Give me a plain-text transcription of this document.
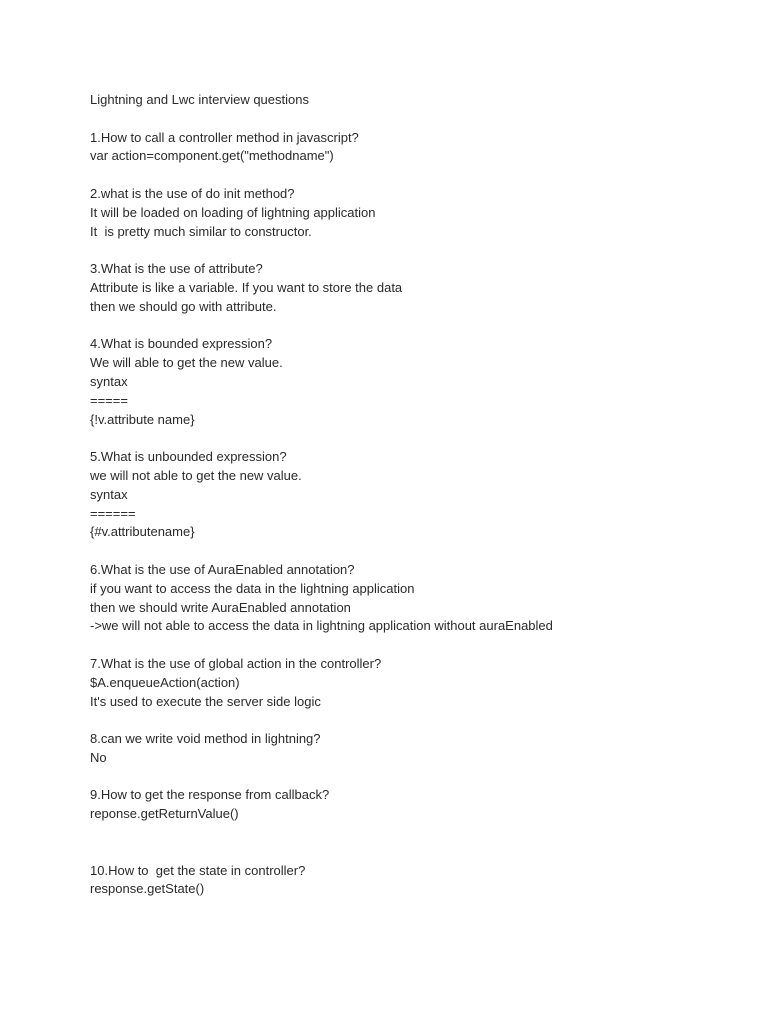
Lightning and Lwc interview questions
1.How to call a controller method in javascript?
var action=component.get("methodname")
2.what is the use of do init method?
It will be loaded on loading of lightning application
It  is pretty much similar to constructor.
3.What is the use of attribute?
Attribute is like a variable. If you want to store the data
then we should go with attribute.
4.What is bounded expression?
We will able to get the new value.
syntax
=====
{!v.attribute name}
5.What is unbounded expression?
we will not able to get the new value.
syntax
======
{#v.attributename}
6.What is the use of AuraEnabled annotation?
if you want to access the data in the lightning application
then we should write AuraEnabled annotation
->we will not able to access the data in lightning application without auraEnabled
7.What is the use of global action in the controller?
$A.enqueueAction(action)
It's used to execute the server side logic
8.can we write void method in lightning?
No
9.How to get the response from callback?
reponse.getReturnValue()
10.How to  get the state in controller?
response.getState()
